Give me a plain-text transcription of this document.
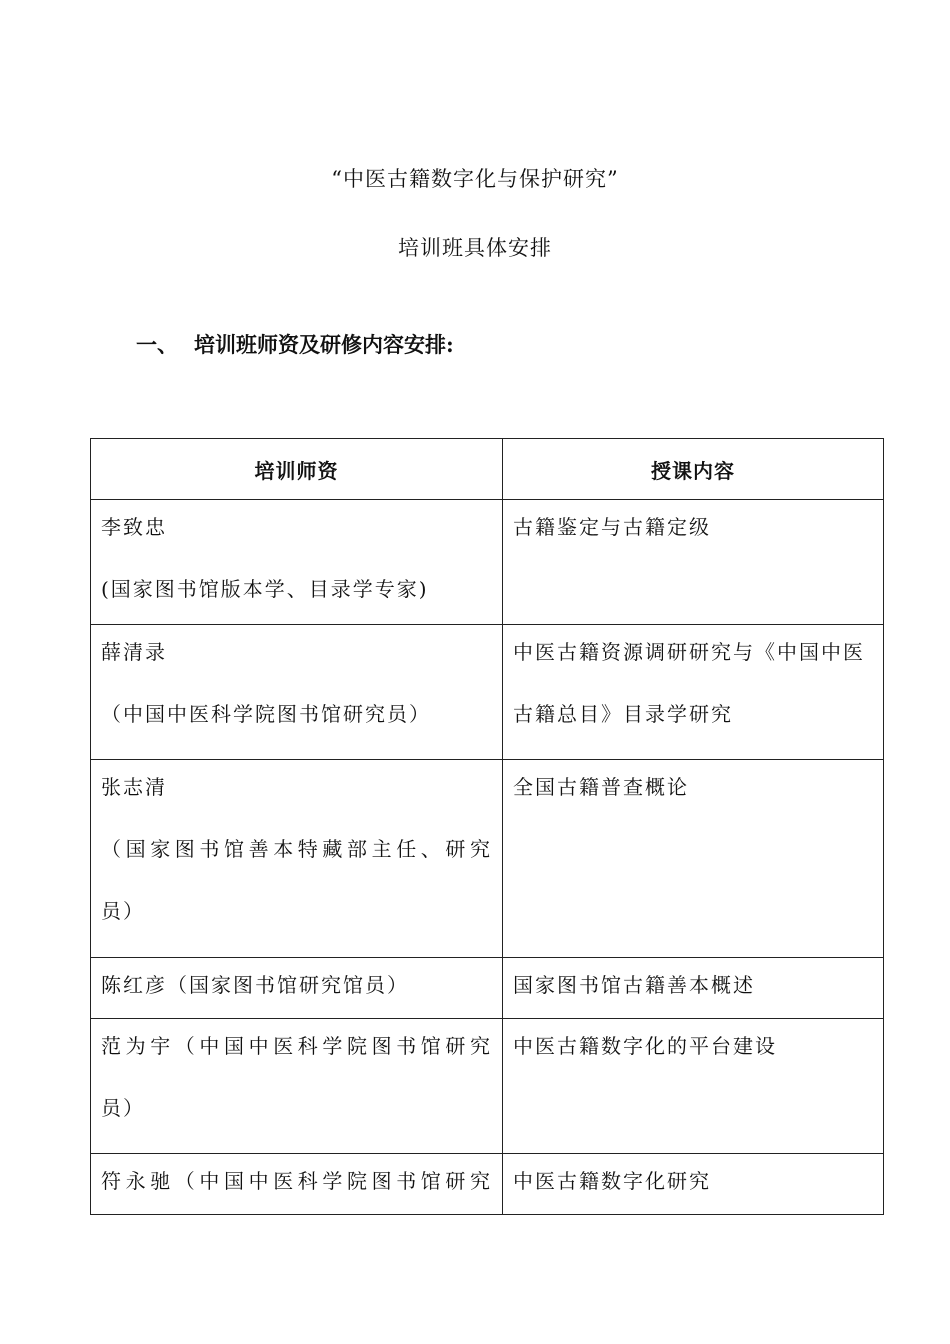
“中医古籍数字化与保护研究”
培训班具体安排
一、 培训班师资及研修内容安排:
培训师资	授课内容

李致忠
(国家图书馆版本学、目录学专家)	古籍鉴定与古籍定级

薛清录
（中国中医科学院图书馆研究员）	中医古籍资源调研研究与《中国中医
古籍总目》目录学研究

张志清
（国家图书馆善本特藏部主任、研究
员）	全国古籍普查概论

陈红彦（国家图书馆研究馆员）	国家图书馆古籍善本概述

范为宇（中国中医科学院图书馆研究
员）	中医古籍数字化的平台建设

符永驰（中国中医科学院图书馆研究	中医古籍数字化研究
